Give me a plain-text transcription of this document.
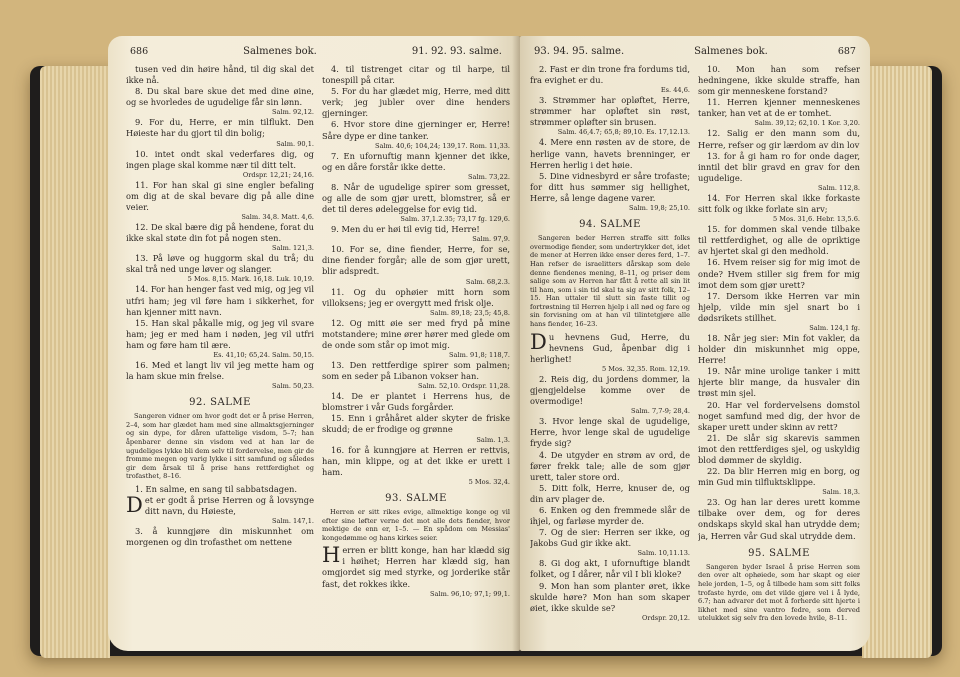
686	Salmenes bok.	91. 92. 93. salme.

tusen ved din høire hånd, til dig skal det ikke nå.

8. Du skal bare skue det med dine øine, og se hvorledes de ugudelige får sin lønn.

Salm. 92,12.

9. For du, Herre, er min tilflukt. Den Høieste har du gjort til din bolig;

Salm. 90,1.

10. intet ondt skal vederfares dig, og ingen plage skal komme nær til ditt telt.

Ordspr. 12,21; 24,16.

11. For han skal gi sine engler befaling om dig at de skal bevare dig på alle dine veier.

Salm. 34,8. Matt. 4,6.

12. De skal bære dig på hendene, forat du ikke skal støte din fot på nogen sten.

Salm. 121,3.

13. På løve og huggorm skal du trå; du skal trå ned unge løver og slanger.

5 Mos. 8,15. Mark. 16,18. Luk. 10,19.

14. For han henger fast ved mig, og jeg vil utfri ham; jeg vil føre ham i sikkerhet, for han kjenner mitt navn.

15. Han skal påkalle mig, og jeg vil svare ham; jeg er med ham i nøden, jeg vil utfri ham og føre ham til ære.

Es. 41,10; 65,24. Salm. 50,15.

16. Med et langt liv vil jeg mette ham og la ham skue min frelse.

Salm. 50,23.

92. SALME

Sangeren vidner om hvor godt det er å prise Herren, 2–4, som har glædet ham med sine allmaktsgjerninger og sin dype, for dåren ufattelige visdom, 5–7; han åpenbarer denne sin visdom ved at han lar de ugudeliges lykke bli dem selv til fordervelse, men gir de fromme megen og varig lykke i sitt samfund og således gir dem årsak til å prise hans rettferdighet og trofasthet, 8–16.

1. En salme, en sang til sabbatsdagen.

Det er godt å prise Herren og å lovsynge ditt navn, du Høieste,

Salm. 147,1.

3. å kunngjøre din miskunnhet om morgenen og din trofasthet om nettene

4. til tistrenget citar og til harpe, til tonespill på citar.

5. For du har glædet mig, Herre, med ditt verk; jeg jubler over dine henders gjerninger.

6. Hvor store dine gjerninger er, Herre! Såre dype er dine tanker.

Salm. 40,6; 104,24; 139,17. Rom. 11,33.

7. En ufornuftig mann kjenner det ikke, og en dåre forstår ikke dette.

Salm. 73,22.

8. Når de ugudelige spirer som gresset, og alle de som gjør urett, blomstrer, så er det til deres ødeleggelse for evig tid.

Salm. 37,1.2.35; 73,17 fg. 129,6.

9. Men du er høi til evig tid, Herre!

Salm. 97,9.

10. For se, dine fiender, Herre, for se, dine fiender forgår; alle de som gjør urett, blir adspredt.

Salm. 68,2.3.

11. Og du ophøier mitt horn som villoksens; jeg er overgytt med frisk olje.

Salm. 89,18; 23,5; 45,8.

12. Og mitt øie ser med fryd på mine motstandere; mine ører hører med glede om de onde som står op imot mig.

Salm. 91,8; 118,7.

13. Den rettferdige spirer som palmen; som en seder på Libanon vokser han.

Salm. 52,10. Ordspr. 11,28.

14. De er plantet i Herrens hus, de blomstrer i vår Guds forgårder.

15. Enn i gråhåret alder skyter de friske skudd; de er frodige og grønne

Salm. 1,3.

16. for å kunngjøre at Herren er rettvis, han, min klippe, og at det ikke er urett i ham.

5 Mos. 32,4.

93. SALME

Herren er sitt rikes evige, allmektige konge og vil efter sine løfter verne det mot alle dets fiender, hvor mektige de enn er, 1–5. — En spådom om Messias' kongedømme og hans kirkes seier.

Herren er blitt konge, han har klædd sig i høihet; Herren har klædd sig, han omgjordet sig med styrke, og jorderike står fast, det rokkes ikke.

Salm. 96,10; 97,1; 99,1.

93. 94. 95. salme.	Salmenes bok.	687

2. Fast er din trone fra fordums tid, fra evighet er du.

Es. 44,6.

3. Strømmer har opløftet, Herre, strømmer har opløftet sin røst, strømmer opløfter sin brusen.

Salm. 46,4.7; 65,8; 89,10. Es. 17,12.13.

4. Mere enn røsten av de store, de herlige vann, havets brenninger, er Herren herlig i det høie.

5. Dine vidnesbyrd er såre trofaste; for ditt hus sømmer sig hellighet, Herre, så lenge dagene varer.

Salm. 19,8; 25,10.

94. SALME

Sangeren beder Herren straffe sitt folks overmodige fiender, som undertrykker det, idet de mener at Herren ikke enser deres ferd, 1–7. Han refser de israelitters dårskap som dele denne fiendenes mening, 8–11, og priser dem salige som av Herren har fått å rette all sin lit til ham, som i sin tid skal ta sig av sitt folk, 12–15. Han uttaler til slutt sin faste tillit og fortrøstning til Herren hjelp i all nød og fare og sin forvisning om at han vil tilintetgjøre alle hans fiender, 16–23.

Du hevnens Gud, Herre, du hevnens Gud, åpenbar dig i herlighet!

5 Mos. 32,35. Rom. 12,19.

2. Reis dig, du jordens dommer, la gjengjeldelse komme over de overmodige!

Salm. 7,7-9; 28,4.

3. Hvor lenge skal de ugudelige, Herre, hvor lenge skal de ugudelige fryde sig?

4. De utgyder en strøm av ord, de fører frekk tale; alle de som gjør urett, taler store ord.

5. Ditt folk, Herre, knuser de, og din arv plager de.

6. Enken og den fremmede slår de ihjel, og farløse myrder de.

7. Og de sier: Herren ser ikke, og Jakobs Gud gir ikke akt.

Salm. 10,11.13.

8. Gi dog akt, I ufornuftige blandt folket, og I dårer, når vil I bli kloke?

9. Mon han som planter øret, ikke skulde høre? Mon han som skaper øiet, ikke skulde se?

Ordspr. 20,12.

10. Mon han som refser hedningene, ikke skulde straffe, han som gir menneskene forstand?

11. Herren kjenner menneskenes tanker, han vet at de er tomhet.

Salm. 39,12; 62,10. 1 Kor. 3,20.

12. Salig er den mann som du, Herre, refser og gir lærdom av din lov

13. for å gi ham ro for onde dager, inntil det blir gravd en grav for den ugudelige.

Salm. 112,8.

14. For Herren skal ikke forkaste sitt folk og ikke forlate sin arv;

5 Mos. 31,6. Hebr. 13,5.6.

15. for dommen skal vende tilbake til rettferdighet, og alle de opriktige av hjertet skal gi den medhold.

16. Hvem reiser sig for mig imot de onde? Hvem stiller sig frem for mig imot dem som gjør urett?

17. Dersom ikke Herren var min hjelp, vilde min sjel snart bo i dødsrikets stillhet.

Salm. 124,1 fg.

18. Når jeg sier: Min fot vakler, da holder din miskunnhet mig oppe, Herre!

19. Når mine urolige tanker i mitt hjerte blir mange, da husvaler din trøst min sjel.

20. Har vel fordervelsens domstol noget samfund med dig, der hvor de skaper urett under skinn av rett?

21. De slår sig skarevis sammen imot den rettferdiges sjel, og uskyldig blod dømmer de skyldig.

22. Da blir Herren mig en borg, og min Gud min tilfluktsklippe.

Salm. 18,3.

23. Og han lar deres urett komme tilbake over dem, og for deres ondskaps skyld skal han utrydde dem; ja, Herren vår Gud skal utrydde dem.

95. SALME

Sangeren byder Israel å prise Herren som den over alt ophøiede, som har skapt og eier hele jorden, 1–5, og å tilbede ham som sitt folks trofaste hyrde, om det vilde gjøre vel i å lyde, 6.7; han advarer det mot å forherde sitt hjerte i likhet med sine vantro fedre, som derved utelukket sig selv fra den lovede hvile, 8–11.
